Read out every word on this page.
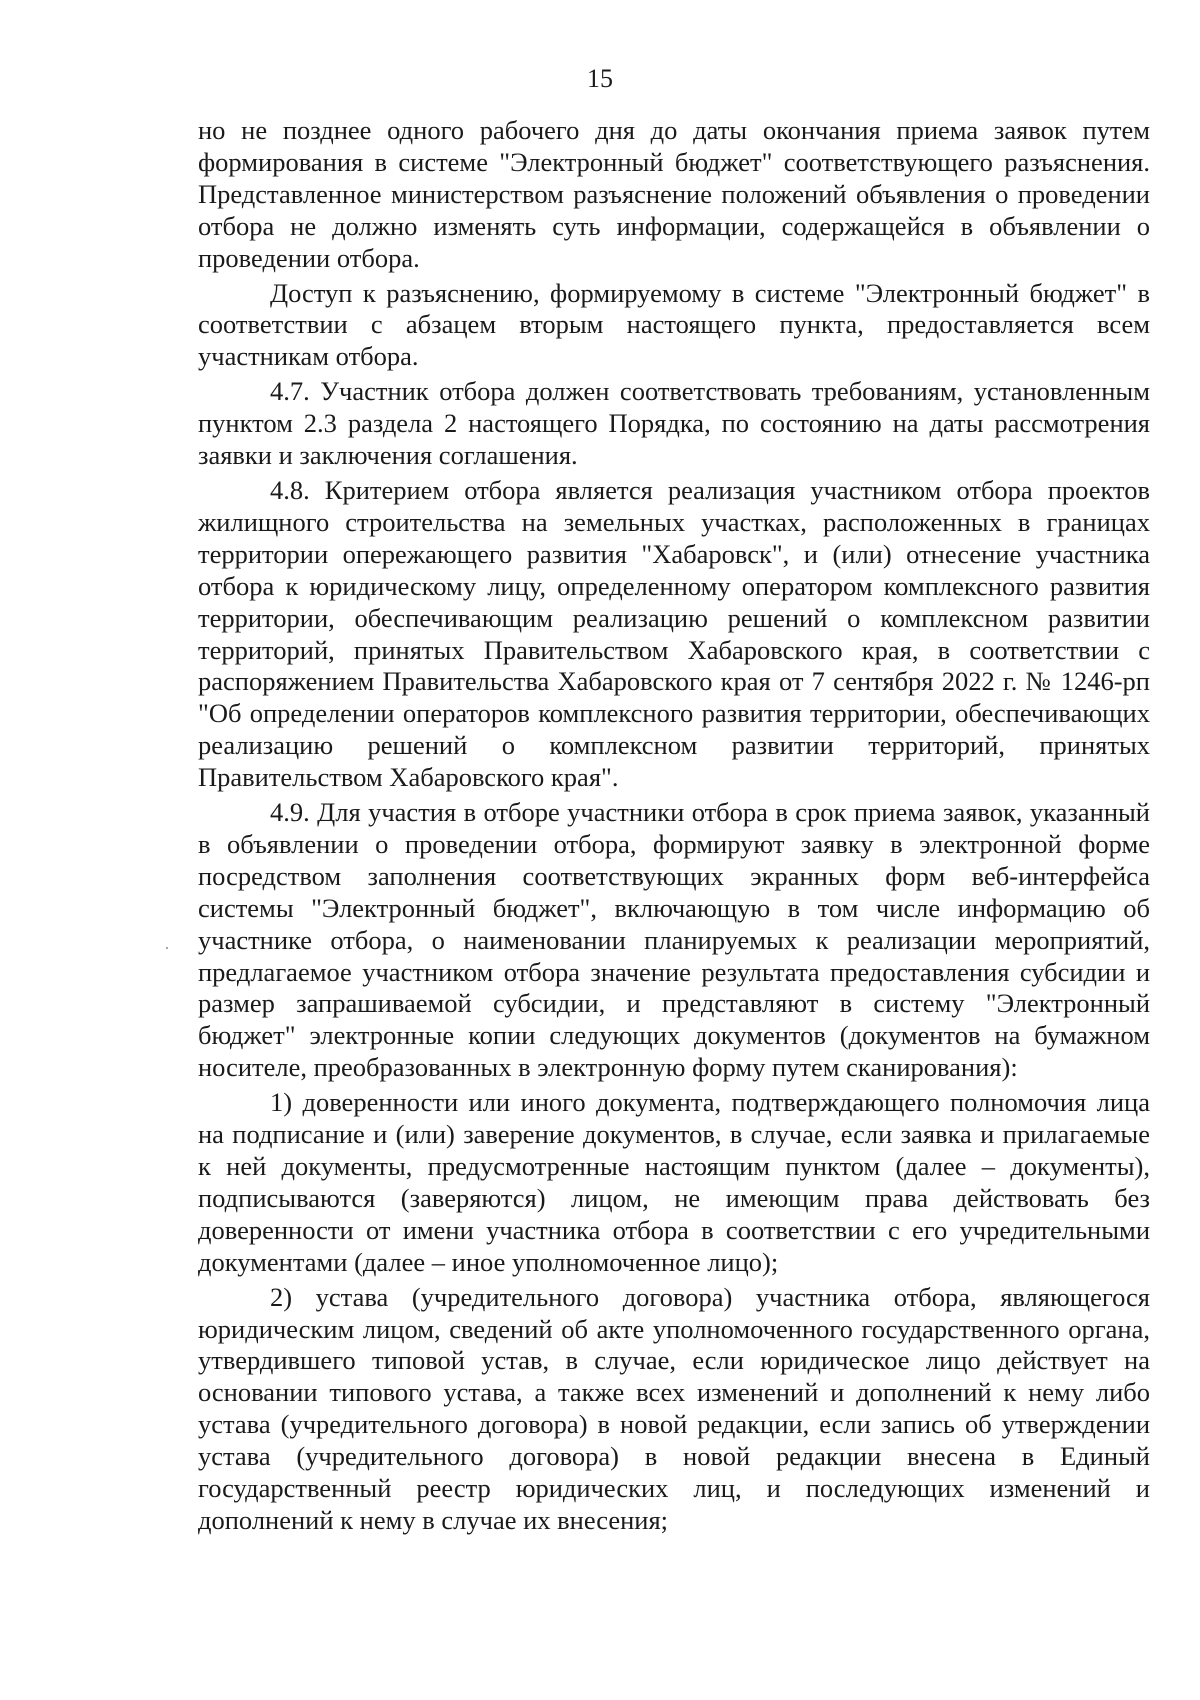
15

но не позднее одного рабочего дня до даты окончания приема заявок путем формирования в системе "Электронный бюджет" соответствующего разъяснения. Представленное министерством разъяснение положений объявления о проведении отбора не должно изменять суть информации, содержащейся в объявлении о проведении отбора.

Доступ к разъяснению, формируемому в системе "Электронный бюджет" в соответствии с абзацем вторым настоящего пункта, предоставляется всем участникам отбора.

4.7. Участник отбора должен соответствовать требованиям, установленным пунктом 2.3 раздела 2 настоящего Порядка, по состоянию на даты рассмотрения заявки и заключения соглашения.

4.8. Критерием отбора является реализация участником отбора проектов жилищного строительства на земельных участках, расположенных в границах территории опережающего развития "Хабаровск", и (или) отнесение участника отбора к юридическому лицу, определенному оператором комплексного развития территории, обеспечивающим реализацию решений о комплексном развитии территорий, принятых Правительством Хабаровского края, в соответствии с распоряжением Правительства Хабаровского края от 7 сентября 2022 г. № 1246-рп "Об определении операторов комплексного развития территории, обеспечивающих реализацию решений о комплексном развитии территорий, принятых Правительством Хабаровского края".

4.9. Для участия в отборе участники отбора в срок приема заявок, указанный в объявлении о проведении отбора, формируют заявку в электронной форме посредством заполнения соответствующих экранных форм веб-интерфейса системы "Электронный бюджет", включающую в том числе информацию об участнике отбора, о наименовании планируемых к реализации мероприятий, предлагаемое участником отбора значение результата предоставления субсидии и размер запрашиваемой субсидии, и представляют в систему "Электронный бюджет" электронные копии следующих документов (документов на бумажном носителе, преобразованных в электронную форму путем сканирования):

1) доверенности или иного документа, подтверждающего полномочия лица на подписание и (или) заверение документов, в случае, если заявка и прилагаемые к ней документы, предусмотренные настоящим пунктом (далее – документы), подписываются (заверяются) лицом, не имеющим права действовать без доверенности от имени участника отбора в соответствии с его учредительными документами (далее – иное уполномоченное лицо);

2) устава (учредительного договора) участника отбора, являющегося юридическим лицом, сведений об акте уполномоченного государственного органа, утвердившего типовой устав, в случае, если юридическое лицо действует на основании типового устава, а также всех изменений и дополнений к нему либо устава (учредительного договора) в новой редакции, если запись об утверждении устава (учредительного договора) в новой редакции внесена в Единый государственный реестр юридических лиц, и последующих изменений и дополнений к нему в случае их внесения;
